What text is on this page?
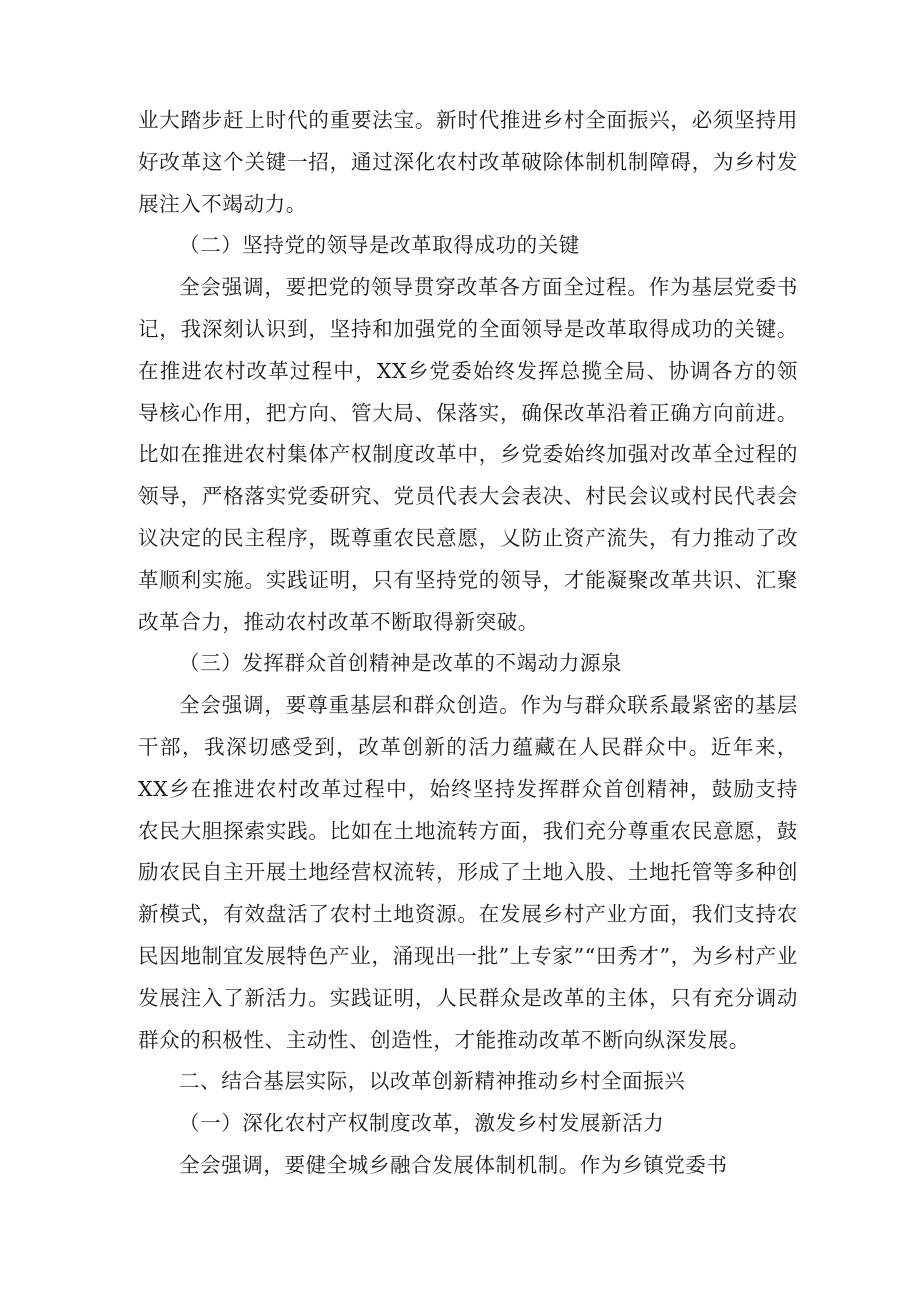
业大踏步赶上时代的重要法宝。新时代推进乡村全面振兴，必须坚持用好改革这个关键一招，通过深化农村改革破除体制机制障碍，为乡村发展注入不竭动力。

（二）坚持党的领导是改革取得成功的关键

全会强调，要把党的领导贯穿改革各方面全过程。作为基层党委书记，我深刻认识到，坚持和加强党的全面领导是改革取得成功的关键。在推进农村改革过程中，XX乡党委始终发挥总揽全局、协调各方的领导核心作用，把方向、管大局、保落实，确保改革沿着正确方向前进。比如在推进农村集体产权制度改革中，乡党委始终加强对改革全过程的领导，严格落实党委研究、党员代表大会表决、村民会议或村民代表会议决定的民主程序，既尊重农民意愿，乂防止资产流失，有力推动了改革顺利实施。实践证明，只有坚持党的领导，才能凝聚改革共识、汇聚改革合力，推动农村改革不断取得新突破。

（三）发挥群众首创精神是改革的不竭动力源泉

全会强调，要尊重基层和群众创造。作为与群众联系最紧密的基层干部，我深切感受到，改革创新的活力蕴藏在人民群众中。近年来，XX乡在推进农村改革过程中，始终坚持发挥群众首创精神，鼓励支持农民大胆探索实践。比如在土地流转方面，我们充分尊重农民意愿，鼓励农民自主开展土地经营权流转，形成了土地入股、土地托管等多种创新模式，有效盘活了农村土地资源。在发展乡村产业方面，我们支持农民因地制宜发展特色产业，涌现出一批”上专家”“田秀才”，为乡村产业发展注入了新活力。实践证明，人民群众是改革的主体，只有充分调动群众的积极性、主动性、创造性，才能推动改革不断向纵深发展。

二、结合基层实际，以改革创新精神推动乡村全面振兴

（一）深化农村产权制度改革，激发乡村发展新活力

全会强调，要健全城乡融合发展体制机制。作为乡镇党委书
